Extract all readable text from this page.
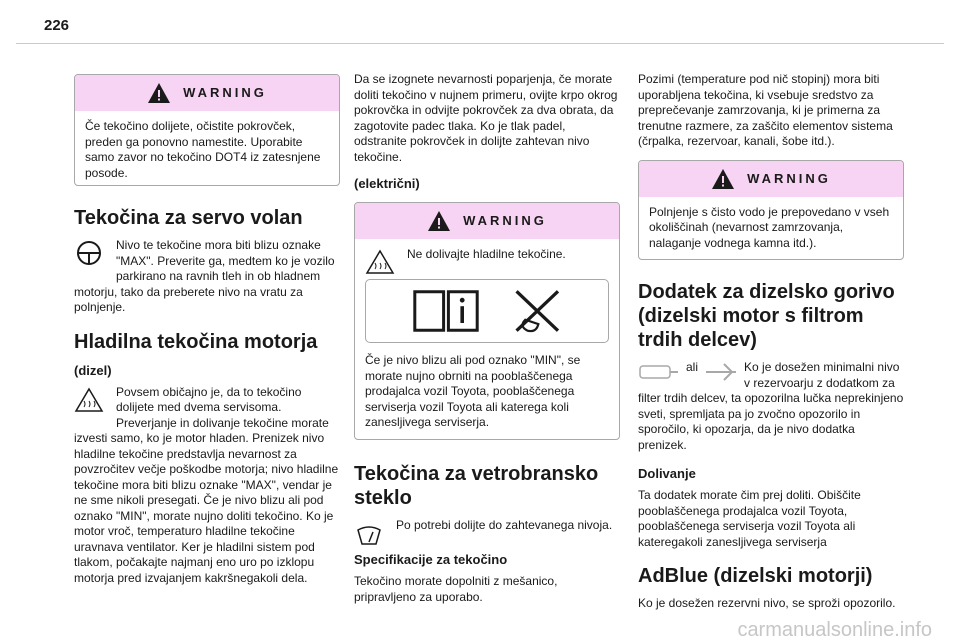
226
WARNING

Če tekočino dolijete, očistite pokrovček, preden ga ponovno namestite. Uporabite samo zavor no tekočino DOT4 iz zatesnjene posode.

Tekočina za servo volan

Nivo te tekočine mora biti blizu oznake "MAX". Preverite ga, medtem ko je vozilo parkirano na ravnih tleh in ob hladnem motorju, tako da preberete nivo na vratu za polnjenje.

Hladilna tekočina motorja
(dizel)

Povsem običajno je, da to tekočino dolijete med dvema servisoma. Preverjanje in dolivanje tekočine morate izvesti samo, ko je motor hladen. Prenizek nivo hladilne tekočine predstavlja nevarnost za povzročitev večje poškodbe motorja; nivo hladilne tekočine mora biti blizu oznake "MAX", vendar je ne sme nikoli presegati. Če je nivo blizu ali pod oznako "MIN", morate nujno doliti tekočino. Ko je motor vroč, temperaturo hladilne tekočine uravnava ventilator. Ker je hladilni sistem pod tlakom, počakajte najmanj eno uro po izklopu motorja pred izvajanjem kakršnegakoli dela.

Da se izognete nevarnosti poparjenja, če morate doliti tekočino v nujnem primeru, ovijte krpo okrog pokrovčka in odvijte pokrovček za dva obrata, da zagotovite padec tlaka. Ko je tlak padel, odstranite pokrovček in dolijte zahtevan nivo tekočine.

(električni)
WARNING

Ne dolivajte hladilne tekočine.

Če je nivo blizu ali pod oznako "MIN", se morate nujno obrniti na pooblaščenega prodajalca vozil Toyota, pooblaščenega serviserja vozil Toyota ali katerega koli zanesljivega serviserja.

Tekočina za vetrobransko steklo

Po potrebi dolijte do zahtevanega nivoja.

Specifikacije za tekočino

Tekočino morate dopolniti z mešanico, pripravljeno za uporabo.

Pozimi (temperature pod nič stopinj) mora biti uporabljena tekočina, ki vsebuje sredstvo za preprečevanje zamrzovanja, ki je primerna za trenutne razmere, za zaščito elementov sistema (črpalka, rezervoar, kanali, šobe itd.).

WARNING

Polnjenje s čisto vodo je prepovedano v vseh okoliščinah (nevarnost zamrzovanja, nalaganje vodnega kamna itd.).

Dodatek za dizelsko gorivo (dizelski motor s filtrom trdih delcev)
ali	Ko je dosežen minimalni nivo v rezervoarju z dodatkom za filter trdih delcev, ta opozorilna lučka neprekinjeno sveti, spremljata pa jo zvočno opozorilo in sporočilo, ki opozarja, da je nivo dodatka prenizek.

Dolivanje

Ta dodatek morate čim prej doliti. Obiščite pooblaščenega prodajalca vozil Toyota, pooblaščenega serviserja vozil Toyota ali kateregakoli zanesljivega serviserja

AdBlue (dizelski motorji)

Ko je dosežen rezervni nivo, se sproži opozorilo.

carmanualsonline.info
